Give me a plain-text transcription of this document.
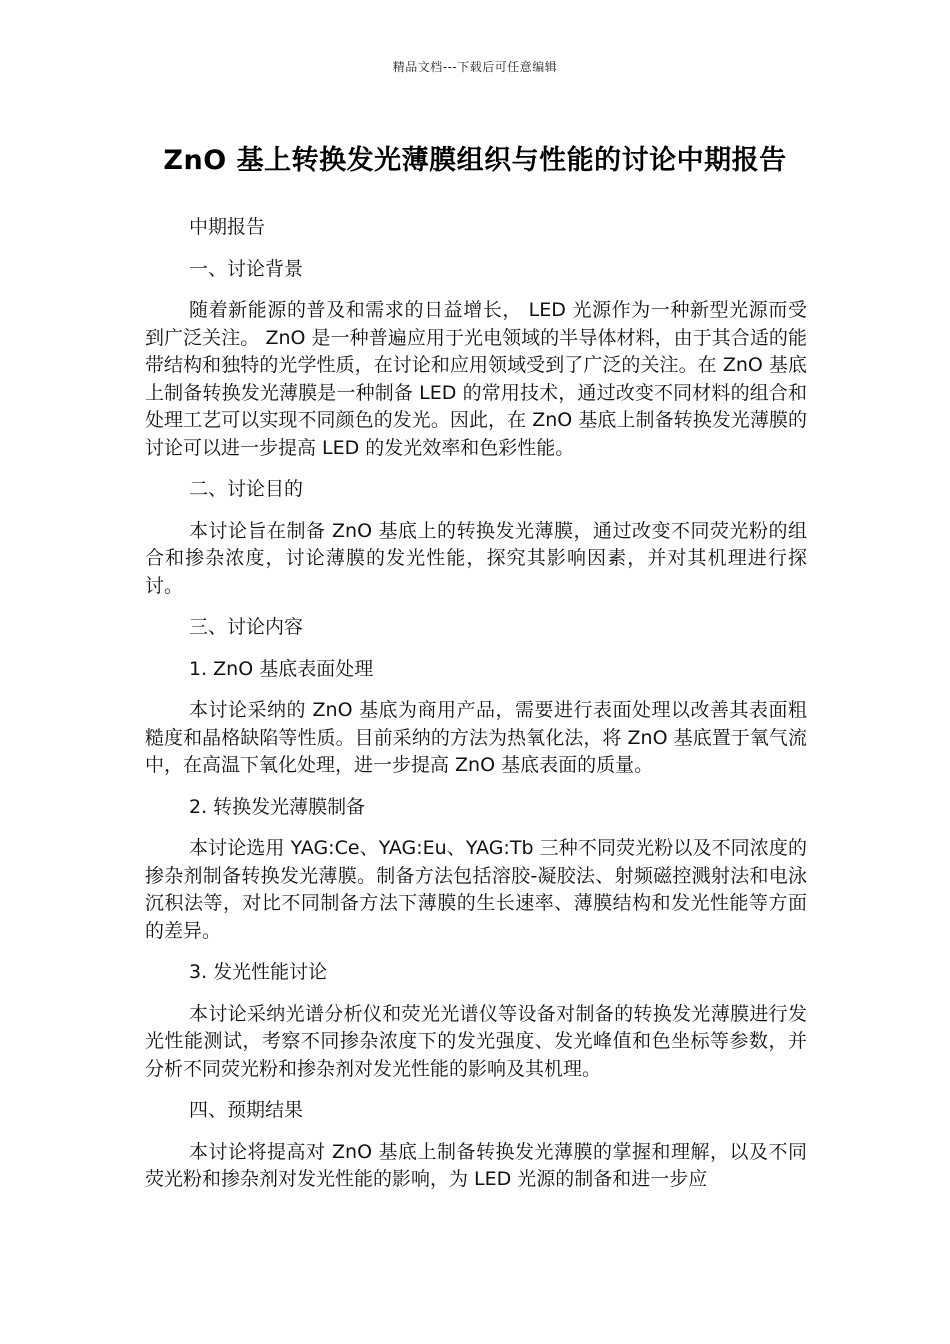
精品文档---下载后可任意编辑
ZnO 基上转换发光薄膜组织与性能的讨论中期报告
中期报告
一、讨论背景
随着新能源的普及和需求的日益增长， LED 光源作为一种新型光源而受到广泛关注。 ZnO 是一种普遍应用于光电领域的半导体材料，由于其合适的能带结构和独特的光学性质，在讨论和应用领域受到了广泛的关注。在 ZnO 基底上制备转换发光薄膜是一种制备 LED 的常用技术，通过改变不同材料的组合和处理工艺可以实现不同颜色的发光。因此，在 ZnO 基底上制备转换发光薄膜的讨论可以进一步提高 LED 的发光效率和色彩性能。
二、讨论目的
本讨论旨在制备 ZnO 基底上的转换发光薄膜，通过改变不同荧光粉的组合和掺杂浓度，讨论薄膜的发光性能，探究其影响因素，并对其机理进行探讨。
三、讨论内容
1. ZnO 基底表面处理
本讨论采纳的 ZnO 基底为商用产品，需要进行表面处理以改善其表面粗糙度和晶格缺陷等性质。目前采纳的方法为热氧化法，将 ZnO 基底置于氧气流中，在高温下氧化处理，进一步提高 ZnO 基底表面的质量。
2. 转换发光薄膜制备
本讨论选用 YAG:Ce、YAG:Eu、YAG:Tb 三种不同荧光粉以及不同浓度的掺杂剂制备转换发光薄膜。制备方法包括溶胶-凝胶法、射频磁控溅射法和电泳沉积法等，对比不同制备方法下薄膜的生长速率、薄膜结构和发光性能等方面的差异。
3. 发光性能讨论
本讨论采纳光谱分析仪和荧光光谱仪等设备对制备的转换发光薄膜进行发光性能测试，考察不同掺杂浓度下的发光强度、发光峰值和色坐标等参数，并分析不同荧光粉和掺杂剂对发光性能的影响及其机理。
四、预期结果
本讨论将提高对 ZnO 基底上制备转换发光薄膜的掌握和理解，以及不同荧光粉和掺杂剂对发光性能的影响，为 LED 光源的制备和进一步应
